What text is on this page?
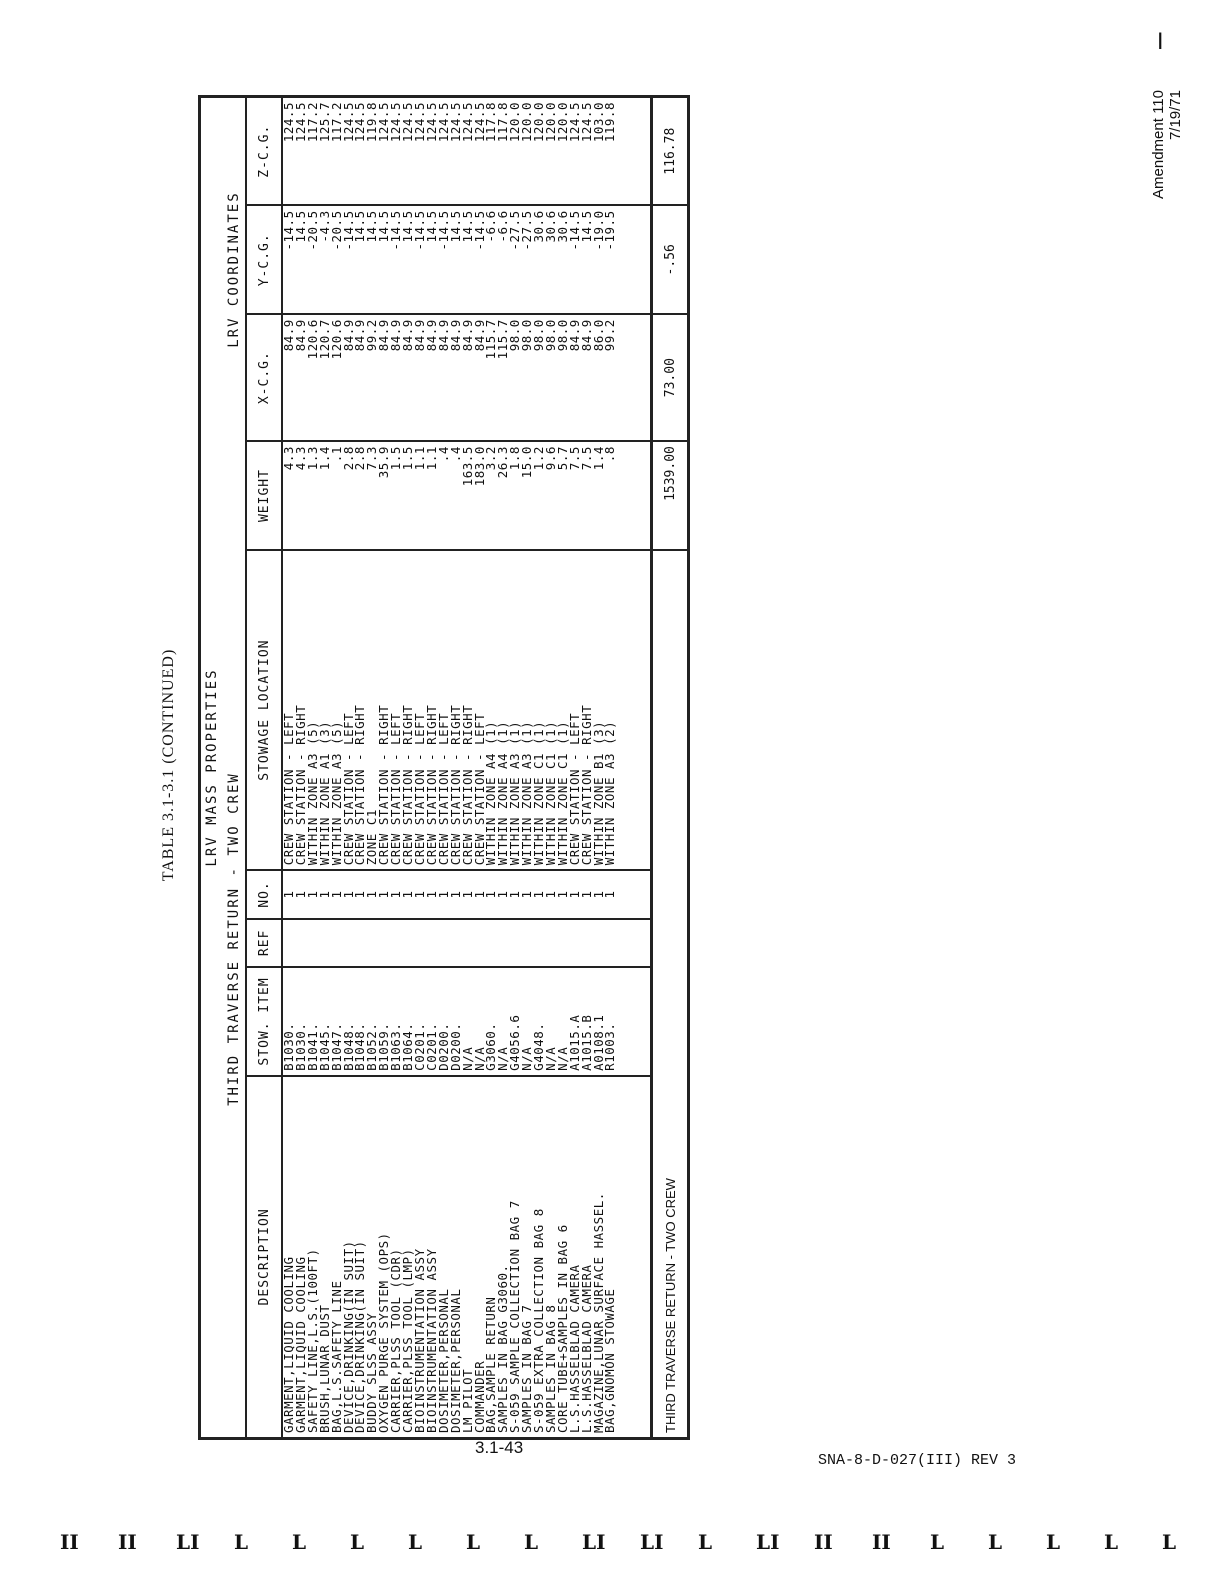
I
Amendment 110 7/19/71
TABLE 3.1-3.1 (CONTINUED) LRV MASS PROPERTIES								
THIRD TRAVERSE RETURN - TWO CREW						LRV COORDINATES		
DESCRIPTION	STOW. ITEM	REF	NO.	STOWAGE LOCATION	WEIGHT	X-C.G.	Y-C.G.	Z-C.G.
GARMENT,LIQUID COOLING	B1030.		1	CREW STATION - LEFT	4.3	84.9	-14.5	124.5
GARMENT,LIQUID COOLING	B1030.		1	CREW STATION - RIGHT	4.3	84.9	14.5	124.5
SAFETY LINE,L.S.(100FT)	B1041.		1	WITHIN ZONE A3 (5)	1.3	120.6	-20.5	117.2
BRUSH,LUNAR DUST	B1045.		1	WITHIN ZONE A1 (3)	1.4	120.7	-4.3	125.7
BAG,L.S.SAFETY LINE	B1047.		1	WITHIN ZONE A3 (5)	.1	120.6	-20.5	117.2
DEVICE,DRINKING(IN SUIT)	B1048.		1	CREW STATION - LEFT	2.8	84.9	-14.5	124.5
DEVICE,DRINKING(IN SUIT)	B1048.		1	CREW STATION - RIGHT	2.8	84.9	14.5	124.5
BUDDY SLSS ASSY	B1052.		1	ZONE C1	7.3	99.2	14.5	119.8
OXYGEN PURGE SYSTEM (OPS)	B1059.		1	CREW STATION - RIGHT	35.9	84.9	14.5	124.5
CARRIER,PLSS TOOL (CDR)	B1063.		1	CREW STATION - LEFT	1.5	84.9	-14.5	124.5
CARRIER,PLSS TOOL (LMP)	B1064.		1	CREW STATION - RIGHT	1.5	84.9	14.5	124.5
BIOINSTRUMENTATION ASSY	C0201.		1	CREW STATION - LEFT	1.1	84.9	-14.5	124.5
BIOINSTRUMENTATION ASSY	C0201.		1	CREW STATION - RIGHT	1.1	84.9	14.5	124.5
DOSIMETER,PERSONAL	D0200.		1	CREW STATION - LEFT	.4	84.9	-14.5	124.5
DOSIMETER,PERSONAL	D0200.		1	CREW STATION - RIGHT	.4	84.9	14.5	124.5
LM PILOT	N/A		1	CREW STATION - RIGHT	163.5	84.9	14.5	124.5
COMMANDER	N/A		1	CREW STATION - LEFT	183.0	84.9	-14.5	124.5
BAG,SAMPLE RETURN	G3060.		1	WITHIN ZONE A4 (1)	3.2	115.7	-6.6	117.8
SAMPLES IN BAG G3060.	N/A		1	WITHIN ZONE A4 (1)	26.3	115.7	-6.6	117.8
S-059 SAMPLE COLLECTION BAG 7	G4056.6		1	WITHIN ZONE A3 (1)	1.8	98.0	-27.5	120.0
SAMPLES IN BAG 7	N/A		1	WITHIN ZONE A3 (1)	15.0	98.0	-27.5	120.0
S-059 EXTRA COLLECTION BAG 8	G4048.		1	WITHIN ZONE C1 (1)	1.2	98.0	30.6	120.0
SAMPLES IN BAG 8	N/A		1	WITHIN ZONE C1 (1)	9.6	98.0	30.6	120.0
CORE TUBE+SAMPLES IN BAG 6	N/A		1	WITHIN ZONE C1 (1)	5.7	98.0	30.6	120.0
L.S.HASSELBLAD CAMERA	A1015.A		1	CREW STATION - LEFT	7.5	84.9	-14.5	124.5
L.S.HASSELBLAD CAMERA	A1015.B		1	CREW STATION - RIGHT	7.5	84.9	14.5	124.5
MAGAZINE,LUNAR SURFACE HASSEL.	A0108.1		1	WITHIN ZONE B1 (3)	1.4	86.0	-19.0	103.0
BAG,GNOMON STOWAGE	R1003.		1	WITHIN ZONE A3 (2)	.8	99.2	-19.5	119.8

THIRD TRAVERSE RETURN - TWO CREW					1539.00	73.00	-.56	116.78
3.1-43
SNA-8-D-027(III) REV 3
II II LI L L L L L L LI LI L LI II II L L L L L
